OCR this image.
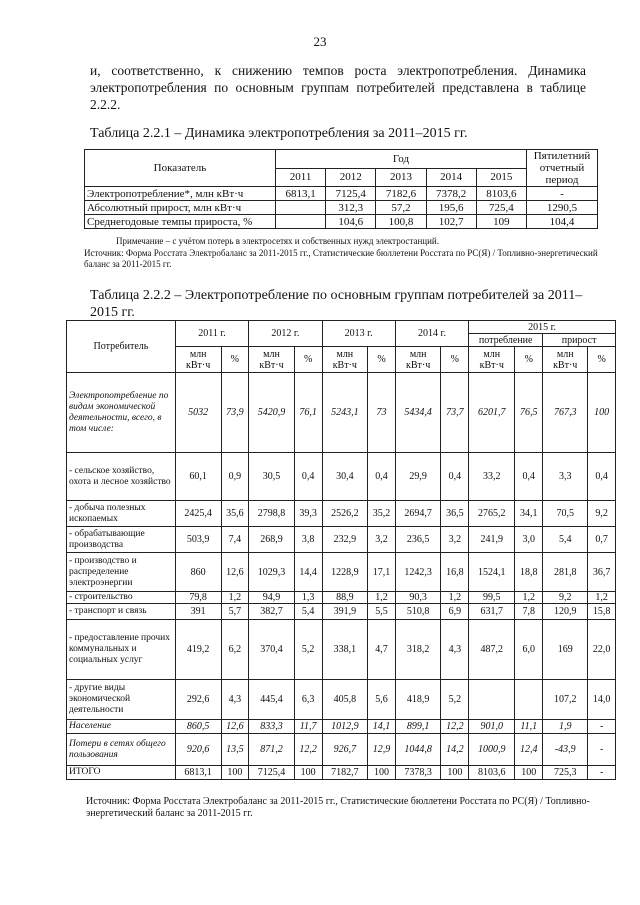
23
и, соответственно, к снижению темпов роста электропотребления. Динамика электропотребления по основным группам потребителей представлена в таблице 2.2.2.
Таблица 2.2.1 – Динамика электропотребления за 2011–2015 гг.
Показатель	Год					Пятилетний отчетный период
	2011	2012	2013	2014	2015	
Электропотребление*, млн кВт·ч	6813,1	7125,4	7182,6	7378,2	8103,6	-
Абсолютный прирост, млн кВт·ч		312,3	57,2	195,6	725,4	1290,5
Среднегодовые темпы прироста, %		104,6	100,8	102,7	109	104,4
Примечание – с учётом потерь в электросетях и собственных нужд электростанций.
Источник: Форма Росстата Электробаланс за 2011-2015 гг., Статистические бюллетени Росстата по РС(Я) / Топливно-энергетический баланс за 2011-2015 гг.
Таблица 2.2.2 – Электропотребление по основным группам потребителей за 2011–2015 гг.
Потребитель	2011 г.		2012 г.		2013 г.		2014 г.		2015 г.			
									потребление		прирост	
	млн кВт·ч	%	млн кВт·ч	%	млн кВт·ч	%	млн кВт·ч	%	млн кВт·ч	%	млн кВт·ч	%
Электропотребление по видам экономической деятельности, всего, в том числе:	5032	73,9	5420,9	76,1	5243,1	73	5434,4	73,7	6201,7	76,5	767,3	100
- сельское хозяйство, охота и лесное хозяйство	60,1	0,9	30,5	0,4	30,4	0,4	29,9	0,4	33,2	0,4	3,3	0,4
- добыча полезных ископаемых	2425,4	35,6	2798,8	39,3	2526,2	35,2	2694,7	36,5	2765,2	34,1	70,5	9,2
- обрабатывающие производства	503,9	7,4	268,9	3,8	232,9	3,2	236,5	3,2	241,9	3,0	5,4	0,7
- производство и распределение электроэнергии	860	12,6	1029,3	14,4	1228,9	17,1	1242,3	16,8	1524,1	18,8	281,8	36,7
- строительство	79,8	1,2	94,9	1,3	88,9	1,2	90,3	1,2	99,5	1,2	9,2	1,2
- транспорт и связь	391	5,7	382,7	5,4	391,9	5,5	510,8	6,9	631,7	7,8	120,9	15,8
- предоставление прочих коммунальных и социальных услуг	419,2	6,2	370,4	5,2	338,1	4,7	318,2	4,3	487,2	6,0	169	22,0
- другие виды экономической деятельности	292,6	4,3	445,4	6,3	405,8	5,6	418,9	5,2			107,2	14,0
Население	860,5	12,6	833,3	11,7	1012,9	14,1	899,1	12,2	901,0	11,1	1,9	-
Потери в сетях общего пользования	920,6	13,5	871,2	12,2	926,7	12,9	1044,8	14,2	1000,9	12,4	-43,9	-
ИТОГО	6813,1	100	7125,4	100	7182,7	100	7378,3	100	8103,6	100	725,3	-
Источник: Форма Росстата Электробаланс за 2011-2015 гг., Статистические бюллетени Росстата по РС(Я) / Топливно-энергетический баланс за 2011-2015 гг.
